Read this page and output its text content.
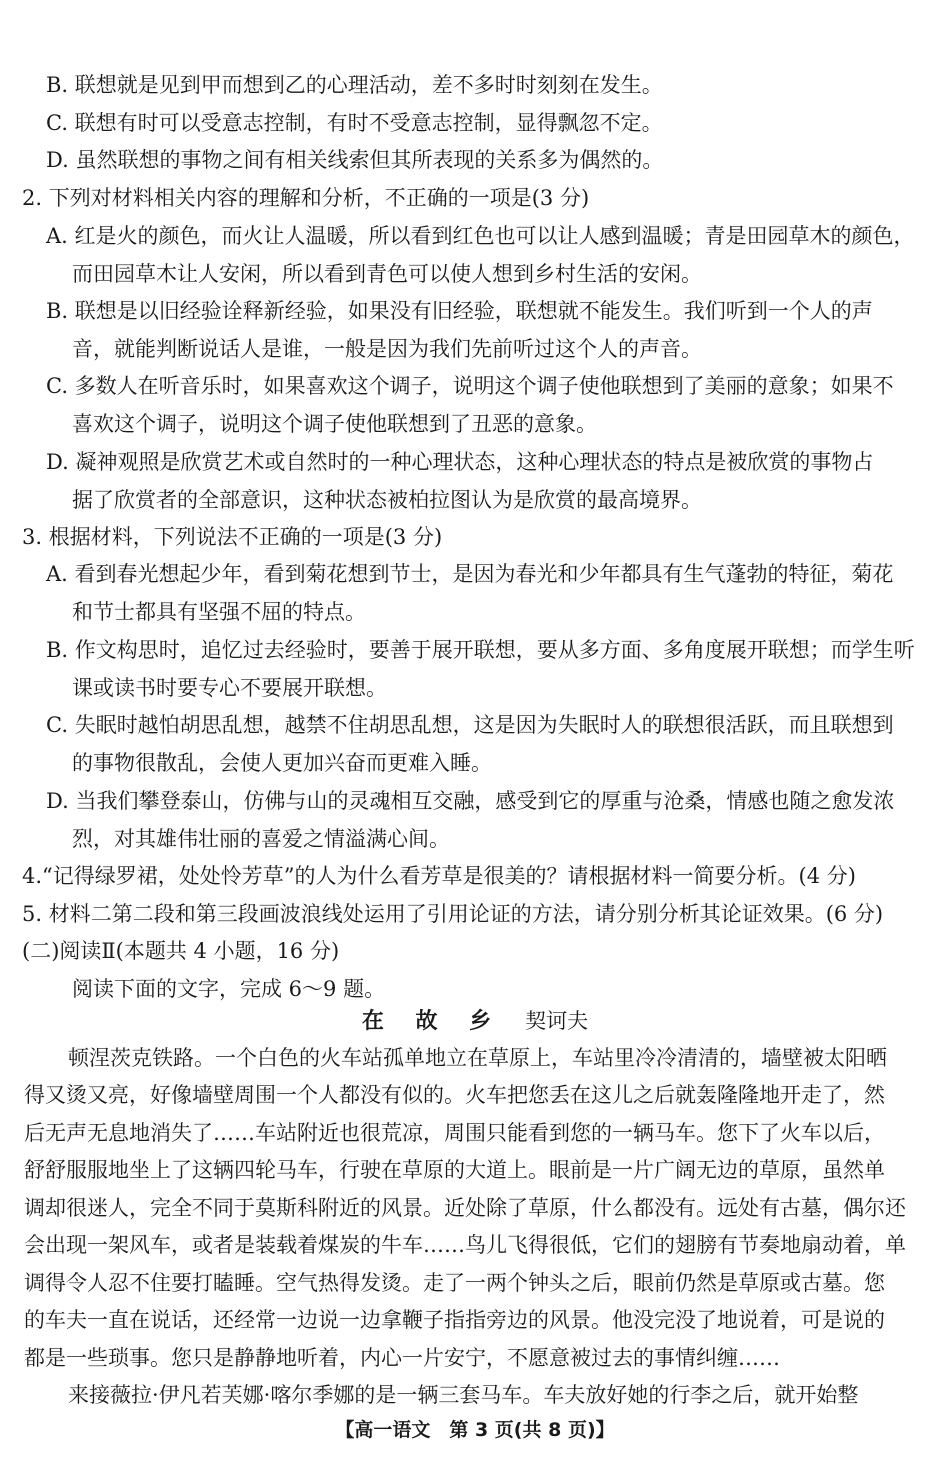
B. 联想就是见到甲而想到乙的心理活动，差不多时时刻刻在发生。
C. 联想有时可以受意志控制，有时不受意志控制，显得飘忽不定。
D. 虽然联想的事物之间有相关线索但其所表现的关系多为偶然的。
2. 下列对材料相关内容的理解和分析，不正确的一项是(3 分)
A. 红是火的颜色，而火让人温暖，所以看到红色也可以让人感到温暖；青是田园草木的颜色，
而田园草木让人安闲，所以看到青色可以使人想到乡村生活的安闲。
B. 联想是以旧经验诠释新经验，如果没有旧经验，联想就不能发生。我们听到一个人的声
音，就能判断说话人是谁，一般是因为我们先前听过这个人的声音。
C. 多数人在听音乐时，如果喜欢这个调子，说明这个调子使他联想到了美丽的意象；如果不
喜欢这个调子，说明这个调子使他联想到了丑恶的意象。
D. 凝神观照是欣赏艺术或自然时的一种心理状态，这种心理状态的特点是被欣赏的事物占
据了欣赏者的全部意识，这种状态被柏拉图认为是欣赏的最高境界。
3. 根据材料，下列说法不正确的一项是(3 分)
A. 看到春光想起少年，看到菊花想到节士，是因为春光和少年都具有生气蓬勃的特征，菊花
和节士都具有坚强不屈的特点。
B. 作文构思时，追忆过去经验时，要善于展开联想，要从多方面、多角度展开联想；而学生听
课或读书时要专心不要展开联想。
C. 失眠时越怕胡思乱想，越禁不住胡思乱想，这是因为失眠时人的联想很活跃，而且联想到
的事物很散乱，会使人更加兴奋而更难入睡。
D. 当我们攀登泰山，仿佛与山的灵魂相互交融，感受到它的厚重与沧桑，情感也随之愈发浓
烈，对其雄伟壮丽的喜爱之情溢满心间。
4.“记得绿罗裙，处处怜芳草”的人为什么看芳草是很美的？请根据材料一简要分析。(4 分)
5. 材料二第二段和第三段画波浪线处运用了引用论证的方法，请分别分析其论证效果。(6 分)
(二)阅读Ⅱ(本题共 4 小题，16 分)
阅读下面的文字，完成 6～9 题。
在 故 乡 契诃夫
顿涅茨克铁路。一个白色的火车站孤单地立在草原上，车站里冷冷清清的，墙壁被太阳晒
得又烫又亮，好像墙壁周围一个人都没有似的。火车把您丢在这儿之后就轰隆隆地开走了，然
后无声无息地消失了……车站附近也很荒凉，周围只能看到您的一辆马车。您下了火车以后，
舒舒服服地坐上了这辆四轮马车，行驶在草原的大道上。眼前是一片广阔无边的草原，虽然单
调却很迷人，完全不同于莫斯科附近的风景。近处除了草原，什么都没有。远处有古墓，偶尔还
会出现一架风车，或者是装载着煤炭的牛车……鸟儿飞得很低，它们的翅膀有节奏地扇动着，单
调得令人忍不住要打瞌睡。空气热得发烫。走了一两个钟头之后，眼前仍然是草原或古墓。您
的车夫一直在说话，还经常一边说一边拿鞭子指指旁边的风景。他没完没了地说着，可是说的
都是一些琐事。您只是静静地听着，内心一片安宁，不愿意被过去的事情纠缠……
来接薇拉·伊凡若芙娜·喀尔季娜的是一辆三套马车。车夫放好她的行李之后，就开始整
【高一语文　第 3 页(共 8 页)】
